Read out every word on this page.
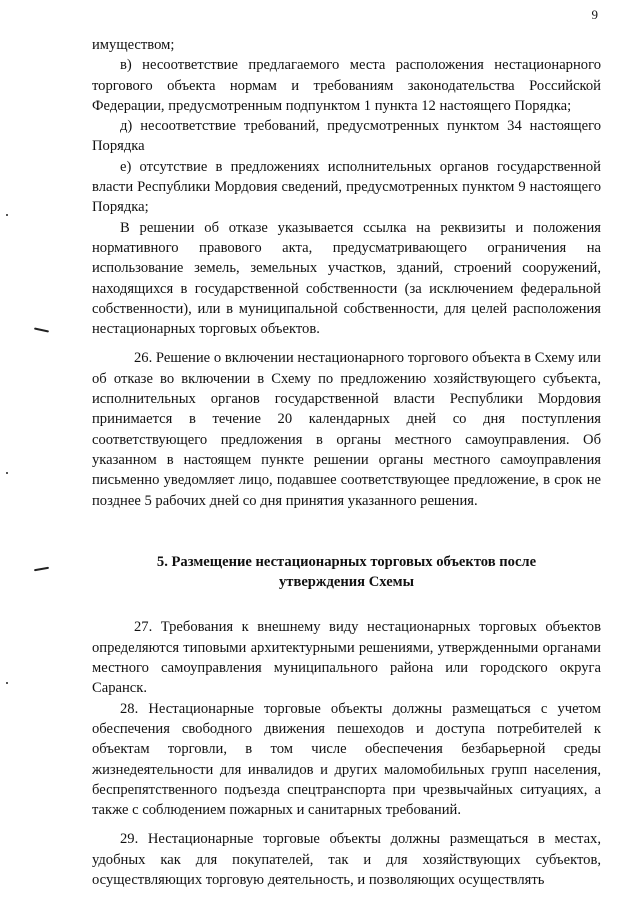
9

имуществом;

в) несоответствие предлагаемого места расположения нестационарного торгового объекта нормам и требованиям законодательства Российской Федерации, предусмотренным подпунктом 1 пункта 12 настоящего Порядка;

д) несоответствие требований, предусмотренных пунктом 34 настоящего Порядка

е) отсутствие в предложениях исполнительных органов государственной власти Республики Мордовия сведений, предусмотренных пунктом 9 настоящего Порядка;

В решении об отказе указывается ссылка на реквизиты и положения нормативного правового акта, предусматривающего ограничения на использование земель, земельных участков, зданий, строений сооружений, находящихся в государственной собственности (за исключением федеральной собственности), или в муниципальной собственности, для целей расположения нестационарных торговых объектов.

26. Решение о включении нестационарного торгового объекта в Схему или об отказе во включении в Схему по предложению хозяйствующего субъекта, исполнительных органов государственной власти Республики Мордовия принимается в течение 20 календарных дней со дня поступления соответствующего предложения в органы местного самоуправления. Об указанном в настоящем пункте решении органы местного самоуправления письменно уведомляет лицо, подавшее соответствующее предложение, в срок не позднее 5 рабочих дней со дня принятия указанного решения.

5. Размещение нестационарных торговых объектов после утверждения Схемы

27. Требования к внешнему виду нестационарных торговых объектов определяются типовыми архитектурными решениями, утвержденными органами местного самоуправления муниципального района или городского округа Саранск.

28. Нестационарные торговые объекты должны размещаться с учетом обеспечения свободного движения пешеходов и доступа потребителей к объектам торговли, в том числе обеспечения безбарьерной среды жизнедеятельности для инвалидов и других маломобильных групп населения, беспрепятственного подъезда спецтранспорта при чрезвычайных ситуациях, а также с соблюдением пожарных и санитарных требований.

29. Нестационарные торговые объекты должны размещаться в местах, удобных как для покупателей, так и для хозяйствующих субъектов, осуществляющих торговую деятельность, и позволяющих осуществлять
